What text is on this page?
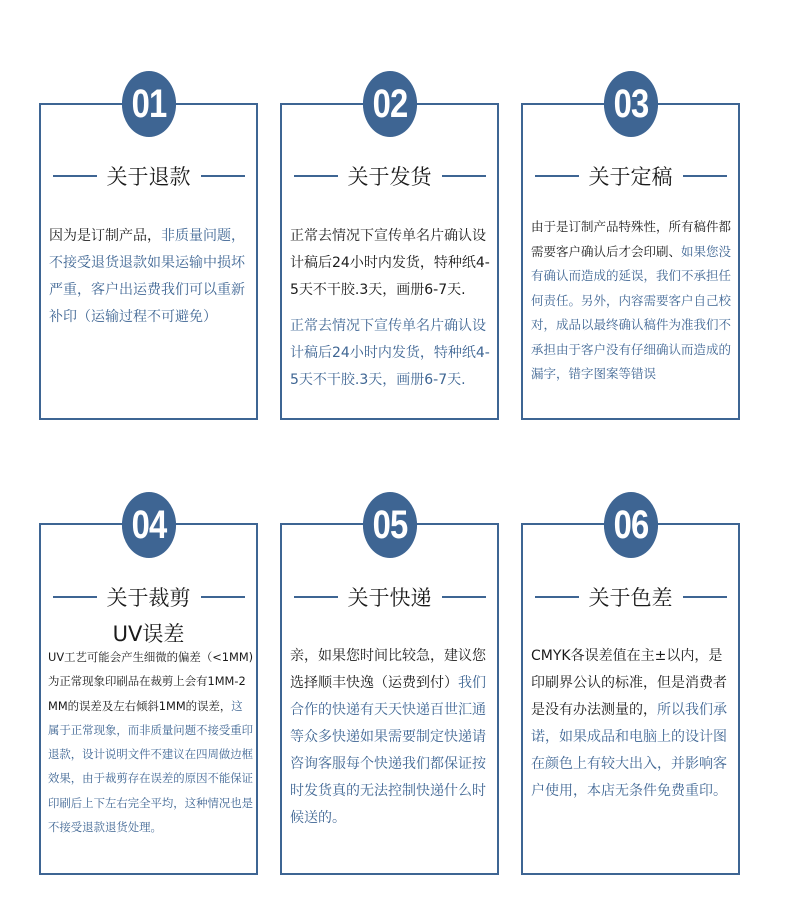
关于退款
因为是订制产品，非质量问题，不接受退货退款如果运输中损坏严重，客户出运费我们可以重新补印（运输过程不可避免）
01
关于发货
正常去情况下宣传单名片确认设计稿后24小时内发货，特种纸4-5天不干胶.3天，画册6-7天.
正常去情况下宣传单名片确认设计稿后24小时内发货，特种纸4-5天不干胶.3天，画册6-7天.
02
关于定稿
由于是订制产品特殊性，所有稿件都需要客户确认后才会印刷、如果您没有确认而造成的延误，我们不承担任何责任。另外，内容需要客户自己校对，成品以最终确认稿件为准我们不承担由于客户没有仔细确认而造成的漏字，错字图案等错误
03
关于裁剪
UV误差
UV工艺可能会产生细微的偏差（<1MM)为正常现象印刷品在裁剪上会有1MM-2MM的误差及左右倾斜1MM的误差，这属于正常现象，而非质量问题不接受重印退款，设计说明文件不建议在四周做边框效果，由于裁剪存在误差的原因不能保证印刷后上下左右完全平均，这种情况也是不接受退款退货处理。
04
关于快递
亲，如果您时间比较急，建议您选择顺丰快逸（运费到付）我们合作的快递有天天快递百世汇通等众多快递如果需要制定快递请咨询客服每个快递我们都保证按时发货真的无法控制快递什么时候送的。
05
关于色差
CMYK各误差值在主±以内，是印刷界公认的标准，但是消费者是没有办法测量的，所以我们承诺，如果成品和电脑上的设计图在颜色上有较大出入，并影响客户使用，本店无条件免费重印。
06
